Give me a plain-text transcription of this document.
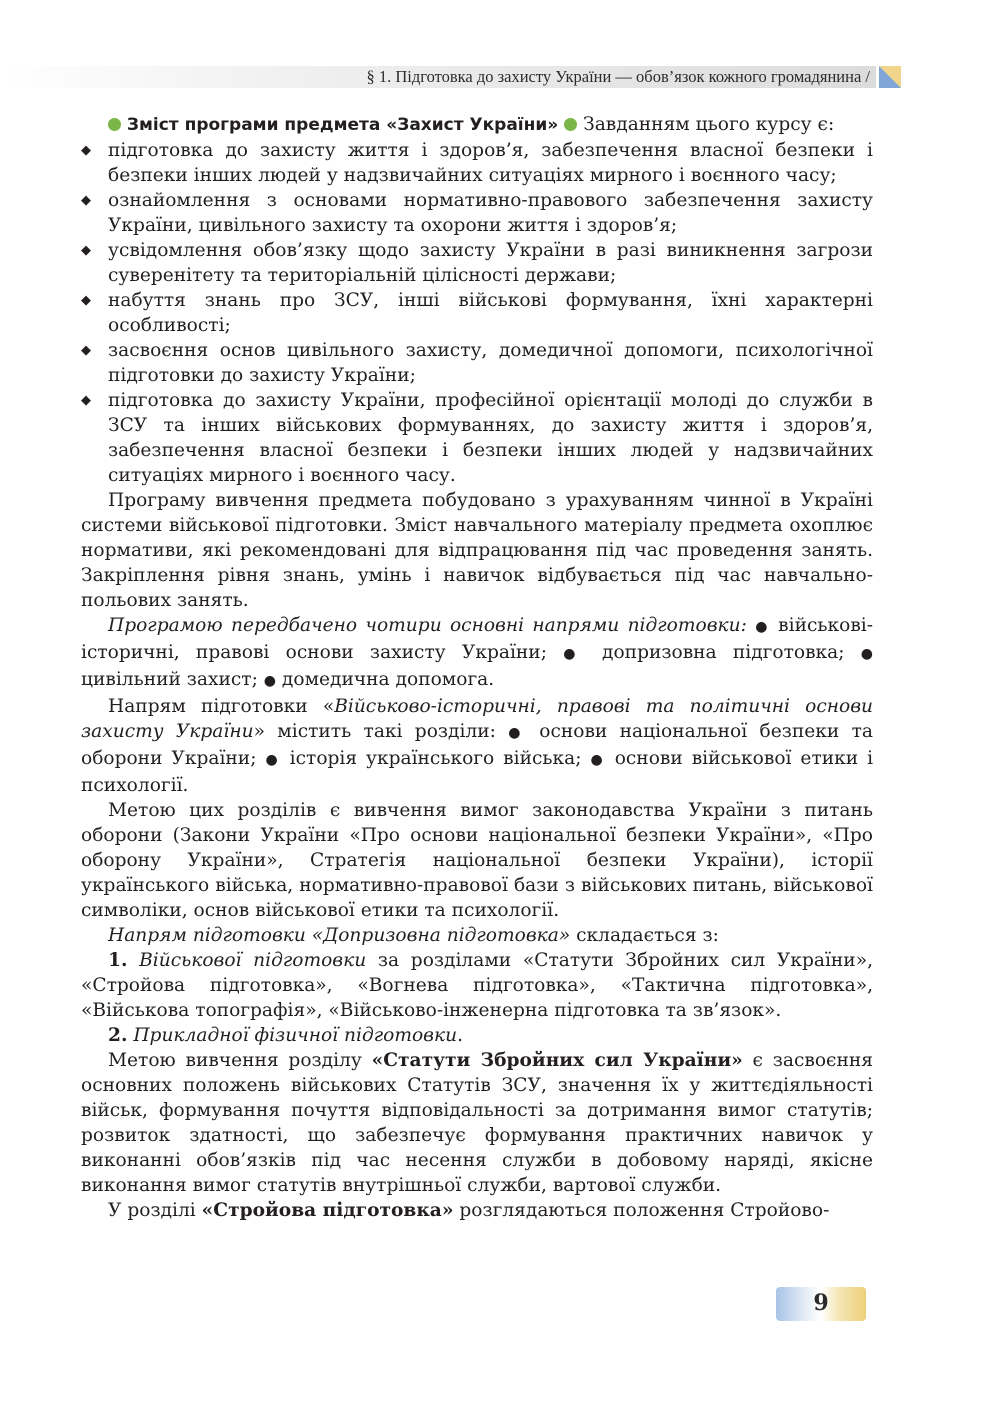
§ 1. Підготовка до захисту України — обов’язок кожного громадянина /

Зміст програми предмета «Захист України» Завданням цього курсу є:

◆ підготовка до захисту життя і здоров’я, забезпечення власної безпеки і безпеки інших людей у надзвичайних ситуаціях мирного і воєнного часу;
◆ ознайомлення з основами нормативно-правового забезпечення захисту України, цивільного захисту та охорони життя і здоров’я;
◆ усвідомлення обов’язку щодо захисту України в разі виникнення загрози суверенітету та територіальній цілісності держави;
◆ набуття знань про ЗСУ, інші військові формування, їхні характерні особливості;
◆ засвоєння основ цивільного захисту, домедичної допомоги, психологічної підготовки до захисту України;
◆ підготовка до захисту України, професійної орієнтації молоді до служби в ЗСУ та інших військових формуваннях, до захисту життя і здоров’я, забезпечення власної безпеки і безпеки інших людей у надзвичайних ситуаціях мирного і воєнного часу.

Програму вивчення предмета побудовано з урахуванням чинної в Україні системи військової підготовки. Зміст навчального матеріалу предмета охоплює нормативи, які рекомендовані для відпрацювання під час проведення занять. Закріплення рівня знань, умінь і навичок відбувається під час навчально-польових занять.

Програмою передбачено чотири основні напрями підготовки: ● військові-історичні, правові основи захисту України; ● допризовна підготовка; ● цивільний захист; ● домедична допомога.

Напрям підготовки «Військово-історичні, правові та політичні основи захисту України» містить такі розділи: ● основи національної безпеки та оборони України; ● історія українського війська; ● основи військової етики і психології.

Метою цих розділів є вивчення вимог законодавства України з питань оборони (Закони України «Про основи національної безпеки України», «Про оборону України», Стратегія національної безпеки України), історії українського війська, нормативно-правової бази з військових питань, військової символіки, основ військової етики та психології.

Напрям підготовки «Допризовна підготовка» складається з:

1. Військової підготовки за розділами «Статути Збройних сил України», «Стройова підготовка», «Вогнева підготовка», «Тактична підготовка», «Військова топографія», «Військово-інженерна підготовка та зв’язок».

2. Прикладної фізичної підготовки.

Метою вивчення розділу «Статути Збройних сил України» є засвоєння основних положень військових Статутів ЗСУ, значення їх у життєдіяльності військ, формування почуття відповідальності за дотримання вимог статутів; розвиток здатності, що забезпечує формування практичних навичок у виконанні обов’язків під час несення служби в добовому наряді, якісне виконання вимог статутів внутрішньої служби, вартової служби.

У розділі «Стройова підготовка» розглядаються положення Стройово-

9
